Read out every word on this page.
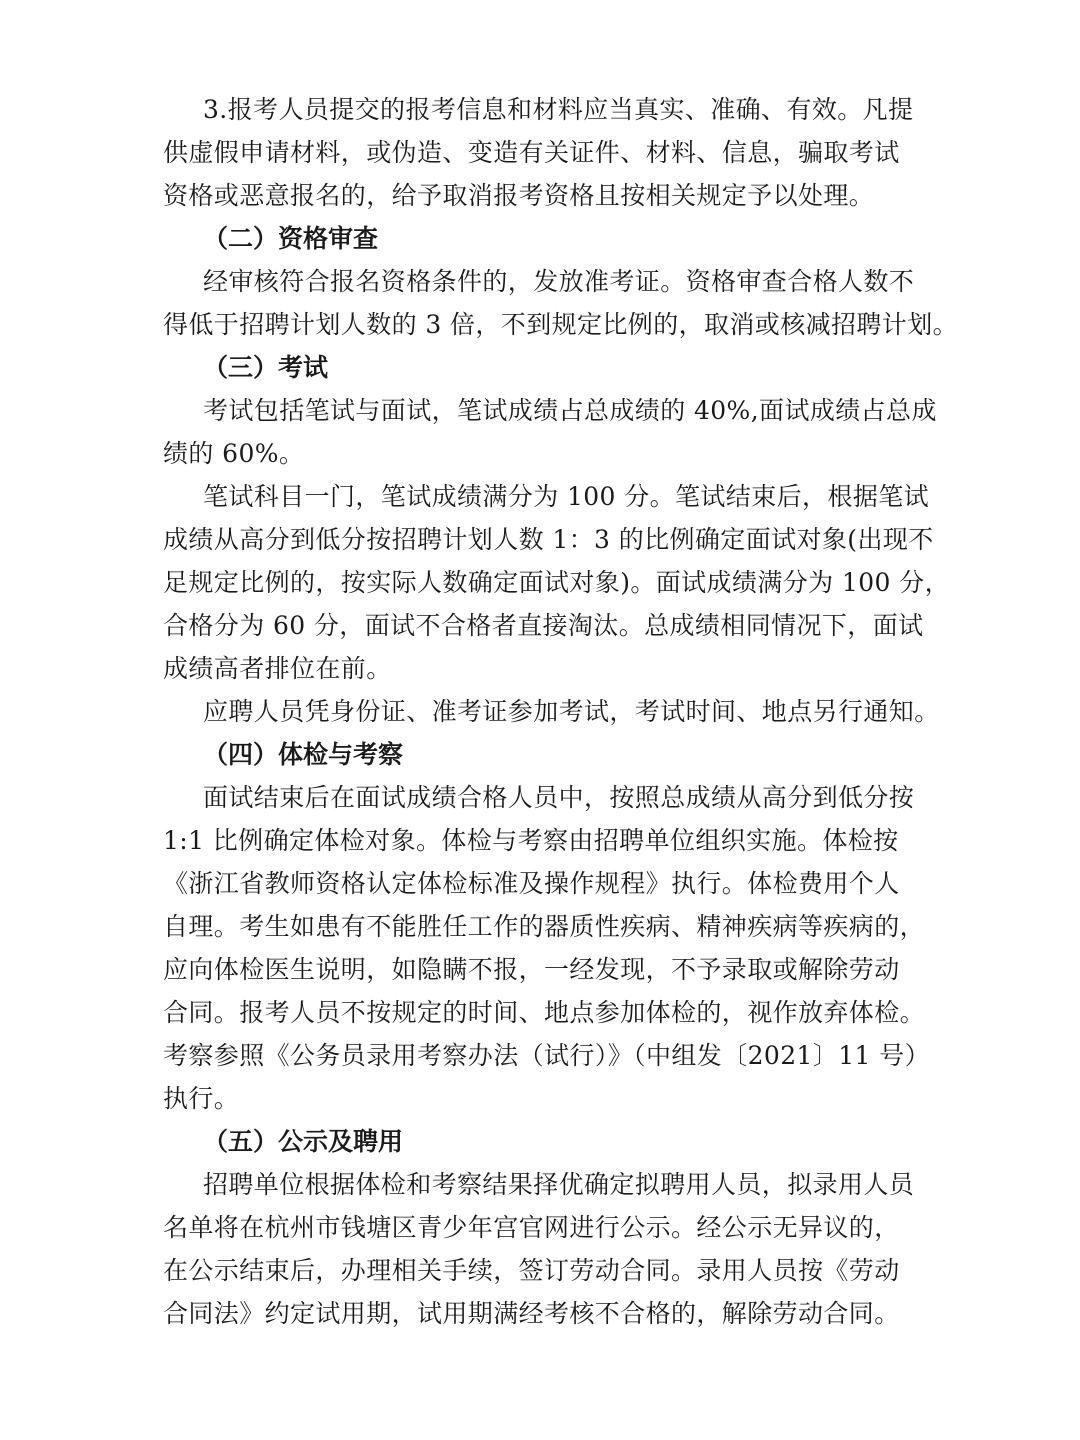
3.报考人员提交的报考信息和材料应当真实、准确、有效。凡提
供虚假申请材料，或伪造、变造有关证件、材料、信息，骗取考试
资格或恶意报名的，给予取消报考资格且按相关规定予以处理。
（二）资格审查
经审核符合报名资格条件的，发放准考证。资格审查合格人数不
得低于招聘计划人数的 3 倍，不到规定比例的，取消或核减招聘计划。
（三）考试
考试包括笔试与面试，笔试成绩占总成绩的 40%,面试成绩占总成
绩的 60%。
笔试科目一门，笔试成绩满分为 100 分。笔试结束后，根据笔试
成绩从高分到低分按招聘计划人数 1：3 的比例确定面试对象(出现不
足规定比例的，按实际人数确定面试对象)。面试成绩满分为 100 分，
合格分为 60 分，面试不合格者直接淘汰。总成绩相同情况下，面试
成绩高者排位在前。
应聘人员凭身份证、准考证参加考试，考试时间、地点另行通知。
（四）体检与考察
面试结束后在面试成绩合格人员中，按照总成绩从高分到低分按
1:1 比例确定体检对象。体检与考察由招聘单位组织实施。体检按
《浙江省教师资格认定体检标准及操作规程》执行。体检费用个人
自理。考生如患有不能胜任工作的器质性疾病、精神疾病等疾病的，
应向体检医生说明，如隐瞒不报，一经发现，不予录取或解除劳动
合同。报考人员不按规定的时间、地点参加体检的，视作放弃体检。
考察参照《公务员录用考察办法（试行）》（中组发〔2021〕11 号）
执行。
（五）公示及聘用
招聘单位根据体检和考察结果择优确定拟聘用人员，拟录用人员
名单将在杭州市钱塘区青少年宫官网进行公示。经公示无异议的，
在公示结束后，办理相关手续，签订劳动合同。录用人员按《劳动
合同法》约定试用期，试用期满经考核不合格的，解除劳动合同。
